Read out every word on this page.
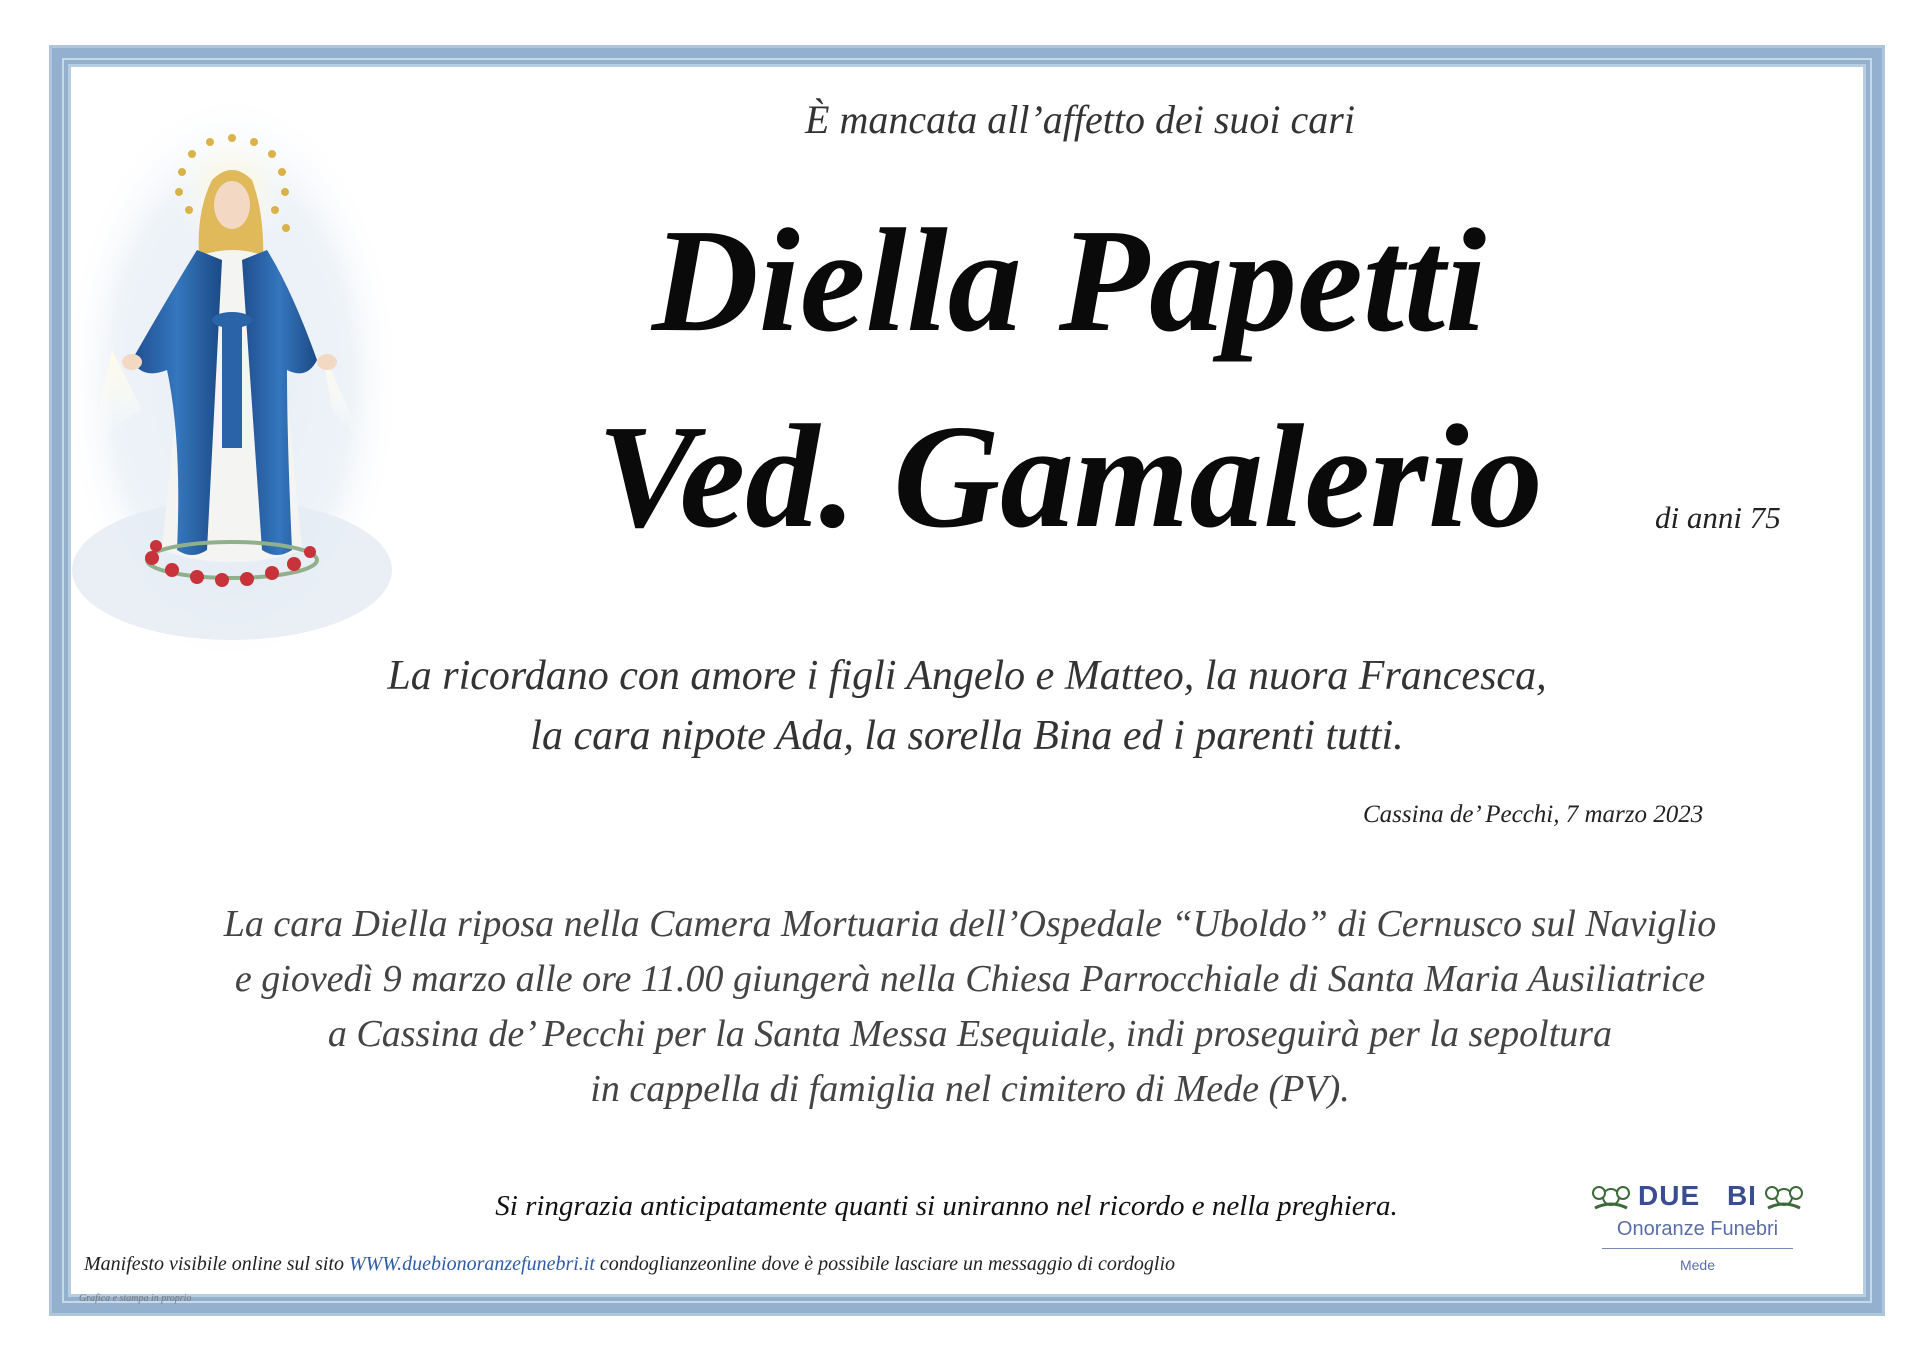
È mancata all’affetto dei suoi cari

Diella Papetti

Ved. Gamalerio	di anni 75

La ricordano con amore i figli Angelo e Matteo, la nuora Francesca,

la cara nipote Ada, la sorella Bina ed i parenti tutti.

Cassina de’ Pecchi, 7 marzo 2023

La cara Diella riposa nella Camera Mortuaria dell’Ospedale “Uboldo” di Cernusco sul Naviglio

e giovedì 9 marzo alle ore 11.00 giungerà nella Chiesa Parrocchiale di Santa Maria Ausiliatrice

a Cassina de’ Pecchi per la Santa Messa Esequiale, indi proseguirà per la sepoltura

in cappella di famiglia nel cimitero di Mede (PV).

Si ringrazia anticipatamente quanti si uniranno nel ricordo e nella preghiera.

Manifesto visibile online sul sito WWW.duebionoranzefunebri.it condoglianzeonline dove è possibile lasciare un messaggio di cordoglio

Grafica e stampa in proprio

DUE BI
Onoranze Funebri
Mede
